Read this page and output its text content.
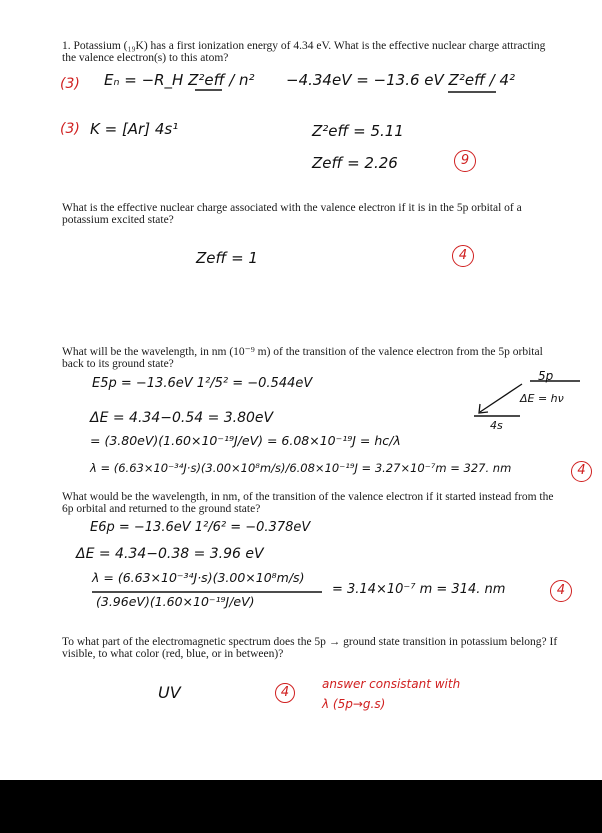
1. Potassium (₁₉K) has a first ionization energy of 4.34 eV. What is the effective nuclear charge attracting the valence electron(s) to this atom?
(3) Eₙ = −R_H Z²eff / n² −4.34eV = −13.6 eV Z²eff / 4²
(3) K = [Ar] 4s¹	Z²eff = 5.11
Zeff = 2.26	9
What is the effective nuclear charge associated with the valence electron if it is in the 5p orbital of a potassium excited state?
Zeff = 1	4
What will be the wavelength, in nm (10⁻⁹ m) of the transition of the valence electron from the 5p orbital back to its ground state?
E5p = −13.6eV 1²/5² = −0.544eV	5p
ΔE = hν
4s
ΔE = 4.34−0.54 = 3.80eV
= (3.80eV)(1.60×10⁻¹⁹J/eV) = 6.08×10⁻¹⁹J = hc/λ
λ = (6.63×10⁻³⁴J·s)(3.00×10⁸m/s)/6.08×10⁻¹⁹J = 3.27×10⁻⁷m = 327. nm	4
What would be the wavelength, in nm, of the transition of the valence electron if it started instead from the 6p orbital and returned to the ground state?
E6p = −13.6eV 1²/6² = −0.378eV
ΔE = 4.34−0.38 = 3.96 eV
λ = (6.63×10⁻³⁴J·s)(3.00×10⁸m/s)
(3.96eV)(1.60×10⁻¹⁹J/eV)
= 3.14×10⁻⁷ m = 314. nm	4
To what part of the electromagnetic spectrum does the 5p → ground state transition in potassium belong? If visible, to what color (red, blue, or in between)?
UV	4
answer consistant with
λ (5p→g.s)
